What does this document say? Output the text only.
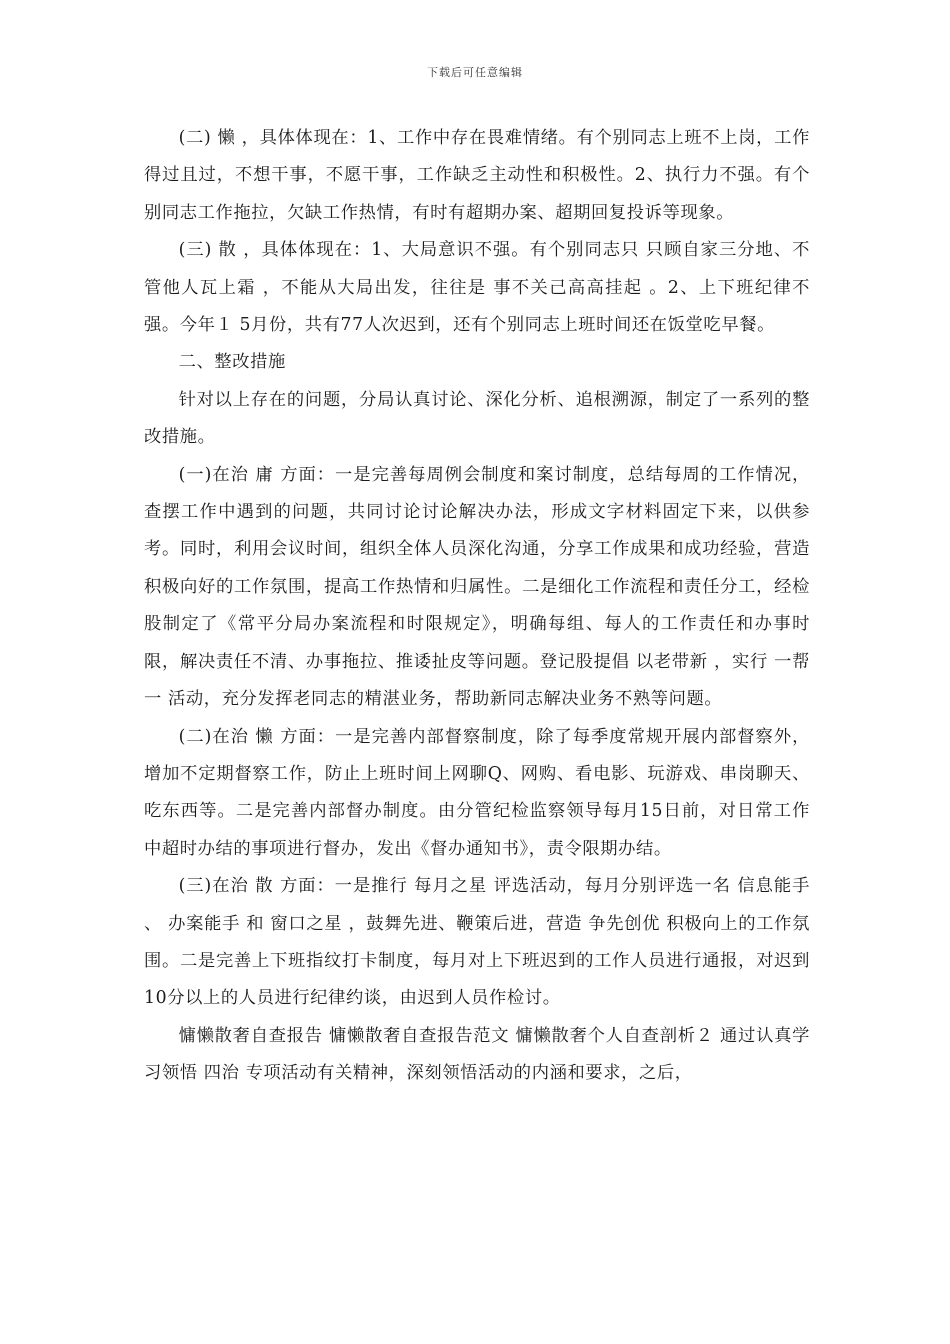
下载后可任意编辑

(二) 懒 ，具体体现在：1、工作中存在畏难情绪。有个别同志上班不上岗，工作得过且过，不想干事，不愿干事，工作缺乏主动性和积极性。2、执行力不强。有个别同志工作拖拉，欠缺工作热情，有时有超期办案、超期回复投诉等现象。

(三) 散 ，具体体现在：1、大局意识不强。有个别同志只 只顾自家三分地、不管他人瓦上霜 ，不能从大局出发，往往是 事不关己高高挂起 。2、上下班纪律不强。今年１ 5月份，共有77人次迟到，还有个别同志上班时间还在饭堂吃早餐。

二、整改措施

针对以上存在的问题，分局认真讨论、深化分析、追根溯源，制定了一系列的整改措施。

(一)在治 庸 方面：一是完善每周例会制度和案讨制度，总结每周的工作情况，查摆工作中遇到的问题，共同讨论讨论解决办法，形成文字材料固定下来，以供参考。同时，利用会议时间，组织全体人员深化沟通，分享工作成果和成功经验，营造积极向好的工作氛围，提高工作热情和归属性。二是细化工作流程和责任分工，经检股制定了《常平分局办案流程和时限规定》，明确每组、每人的工作责任和办事时限，解决责任不清、办事拖拉、推诿扯皮等问题。登记股提倡 以老带新 ，实行 一帮一 活动，充分发挥老同志的精湛业务，帮助新同志解决业务不熟等问题。

(二)在治 懒 方面：一是完善内部督察制度，除了每季度常规开展内部督察外，增加不定期督察工作，防止上班时间上网聊Q、网购、看电影、玩游戏、串岗聊天、吃东西等。二是完善内部督办制度。由分管纪检监察领导每月15日前，对日常工作中超时办结的事项进行督办，发出《督办通知书》，责令限期办结。

(三)在治 散 方面：一是推行 每月之星 评选活动，每月分别评选一名 信息能手 、 办案能手 和 窗口之星 ，鼓舞先进、鞭策后进，营造 争先创优 积极向上的工作氛围。二是完善上下班指纹打卡制度，每月对上下班迟到的工作人员进行通报，对迟到10分以上的人员进行纪律约谈，由迟到人员作检讨。

慵懒散奢自查报告 慵懒散奢自查报告范文 慵懒散奢个人自查剖析２ 通过认真学习领悟 四治 专项活动有关精神，深刻领悟活动的内涵和要求，之后，
